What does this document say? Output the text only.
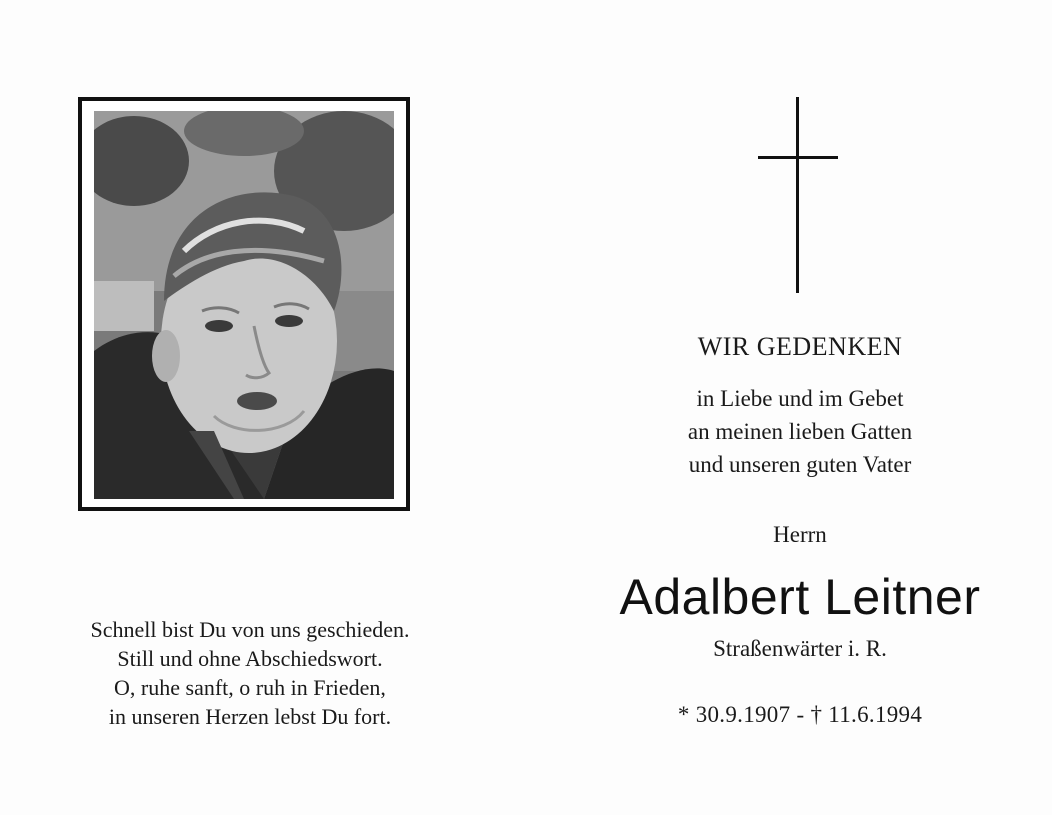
Schnell bist Du von uns geschieden.
Still und ohne Abschiedswort.
O, ruhe sanft, o ruh in Frieden,
in unseren Herzen lebst Du fort.
WIR GEDENKEN
in Liebe und im Gebet
an meinen lieben Gatten
und unseren guten Vater
Herrn
Adalbert Leitner
Straßenwärter i. R.
* 30.9.1907 - † 11.6.1994
